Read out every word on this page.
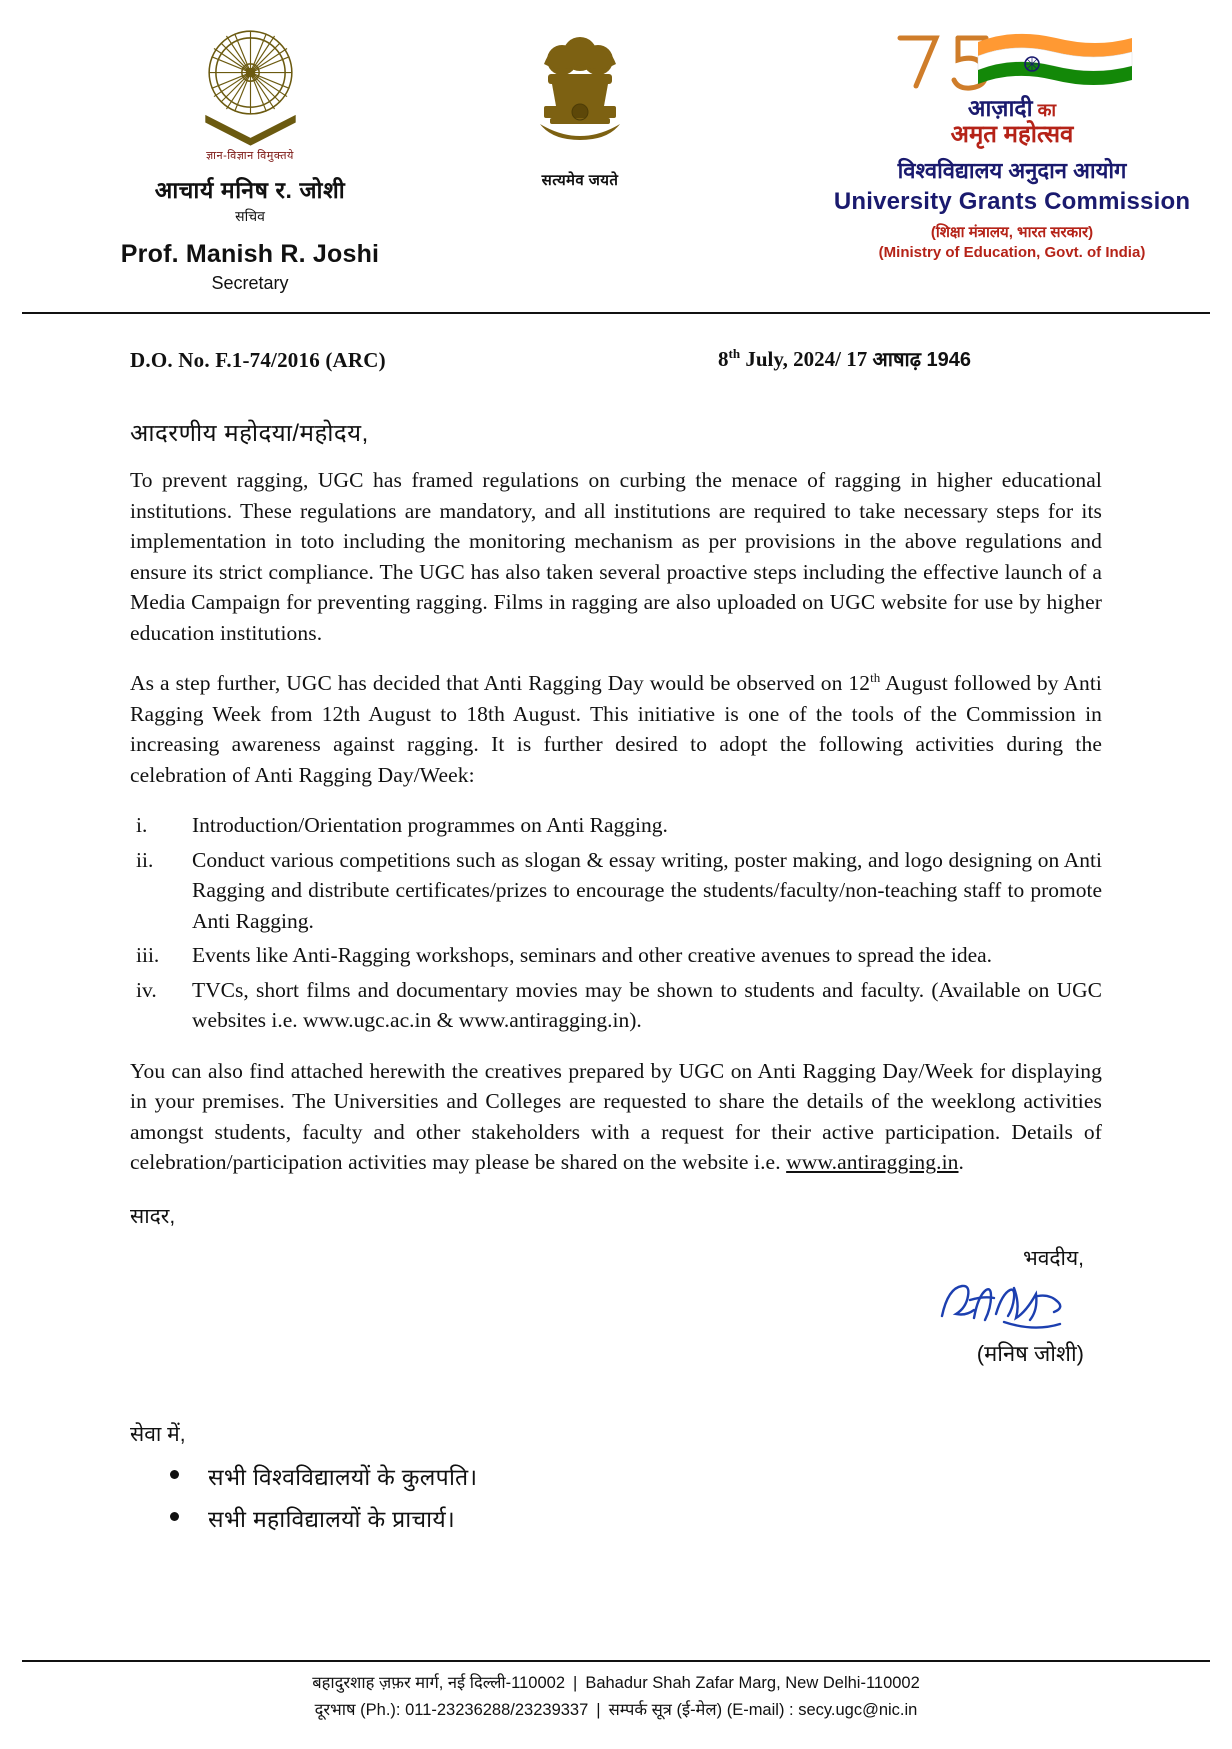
ज्ञान-विज्ञान विमुक्तये
आचार्य मनिष र. जोशी
सचिव
Prof. Manish R. Joshi
Secretary
सत्यमेव जयते
आज़ादी का
अमृत महोत्सव
विश्वविद्यालय अनुदान आयोग
University Grants Commission
(शिक्षा मंत्रालय, भारत सरकार)
(Ministry of Education, Govt. of India)
D.O. No. F.1-74/2016 (ARC)	8th July, 2024/ 17 आषाढ़ 1946
आदरणीय महोदया/महोदय,

To prevent ragging, UGC has framed regulations on curbing the menace of ragging in higher educational institutions. These regulations are mandatory, and all institutions are required to take necessary steps for its implementation in toto including the monitoring mechanism as per provisions in the above regulations and ensure its strict compliance. The UGC has also taken several proactive steps including the effective launch of a Media Campaign for preventing ragging. Films in ragging are also uploaded on UGC website for use by higher education institutions.

As a step further, UGC has decided that Anti Ragging Day would be observed on 12th August followed by Anti Ragging Week from 12th August to 18th August. This initiative is one of the tools of the Commission in increasing awareness against ragging. It is further desired to adopt the following activities during the celebration of Anti Ragging Day/Week:

i.	Introduction/Orientation programmes on Anti Ragging.
ii.	Conduct various competitions such as slogan & essay writing, poster making, and logo designing on Anti Ragging and distribute certificates/prizes to encourage the students/faculty/non-teaching staff to promote Anti Ragging.
iii.	Events like Anti-Ragging workshops, seminars and other creative avenues to spread the idea.
iv.	TVCs, short films and documentary movies may be shown to students and faculty. (Available on UGC websites i.e. www.ugc.ac.in & www.antiragging.in).

You can also find attached herewith the creatives prepared by UGC on Anti Ragging Day/Week for displaying in your premises. The Universities and Colleges are requested to share the details of the weeklong activities amongst students, faculty and other stakeholders with a request for their active participation. Details of celebration/participation activities may please be shared on the website i.e. www.antiragging.in.

सादर,
भवदीय,
(मनिष जोशी)
सेवा में,
सभी विश्वविद्यालयों के कुलपति।
सभी महाविद्यालयों के प्राचार्य।
बहादुरशाह ज़फ़र मार्ग, नई दिल्ली-110002 | Bahadur Shah Zafar Marg, New Delhi-110002
दूरभाष (Ph.): 011-23236288/23239337 | सम्पर्क सूत्र (ई-मेल) (E-mail) : secy.ugc@nic.in
